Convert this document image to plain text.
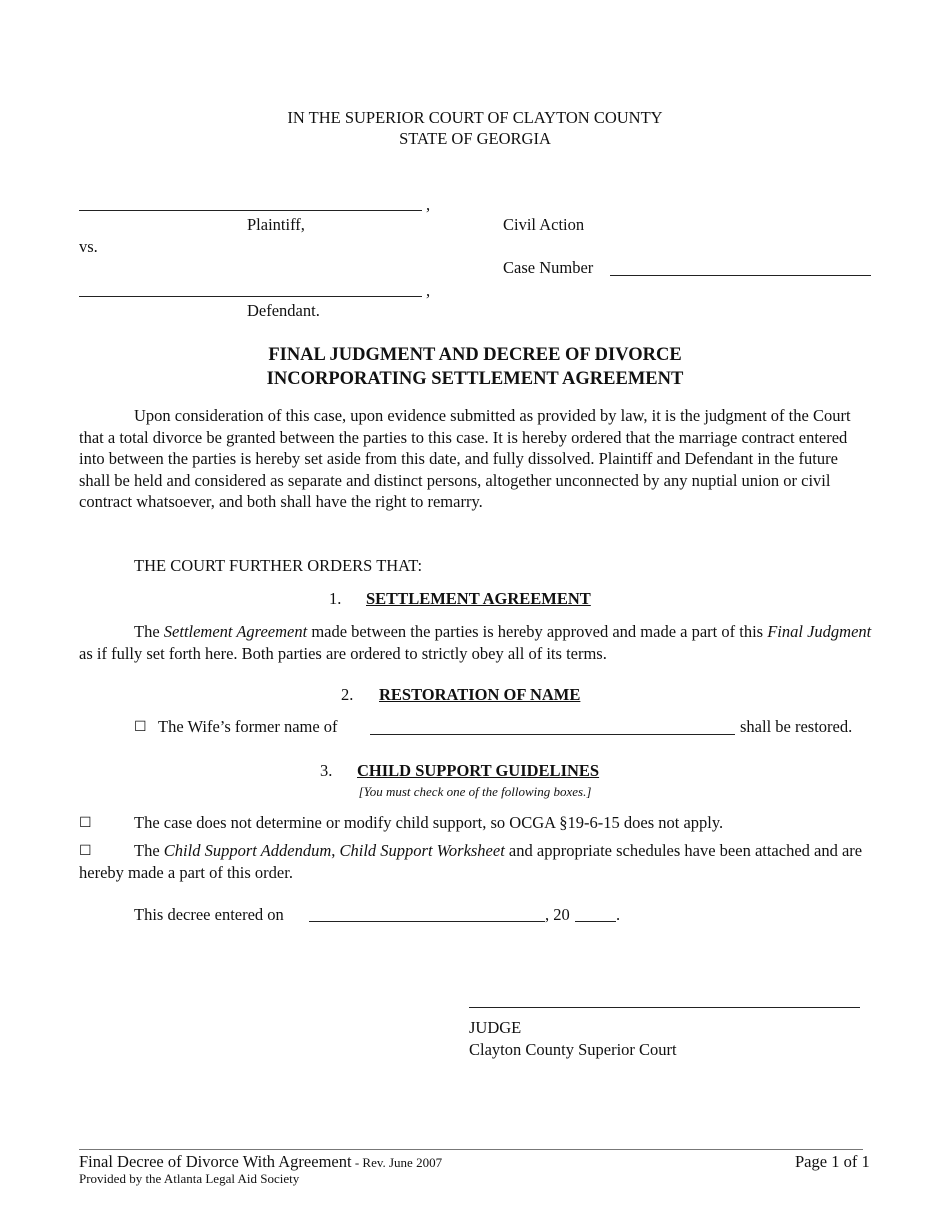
IN THE SUPERIOR COURT OF CLAYTON COUNTY
STATE OF GEORGIA
,
Plaintiff,
vs.
,
Defendant.
Civil Action
Case Number
FINAL JUDGMENT AND DECREE OF DIVORCE
INCORPORATING SETTLEMENT AGREEMENT
Upon consideration of this case, upon evidence submitted as provided by law, it is the judgment of the Court that a total divorce be granted between the parties to this case. It is hereby ordered that the marriage contract entered into between the parties is hereby set aside from this date, and fully dissolved. Plaintiff and Defendant in the future shall be held and considered as separate and distinct persons, altogether unconnected by any nuptial union or civil contract whatsoever, and both shall have the right to remarry.
THE COURT FURTHER ORDERS THAT:
1. SETTLEMENT AGREEMENT
The Settlement Agreement made between the parties is hereby approved and made a part of this Final Judgment as if fully set forth here. Both parties are ordered to strictly obey all of its terms.
2. RESTORATION OF NAME
☐ The Wife’s former name of	shall be restored.
3. CHILD SUPPORT GUIDELINES
[You must check one of the following boxes.]
☐	The case does not determine or modify child support, so OCGA §19-6-15 does not apply.
☐	The Child Support Addendum, Child Support Worksheet and appropriate schedules have been attached and are hereby made a part of this order.
This decree entered on	, 20	.
JUDGE
Clayton County Superior Court
Final Decree of Divorce With Agreement - Rev. June 2007	Page 1 of 1
Provided by the Atlanta Legal Aid Society
